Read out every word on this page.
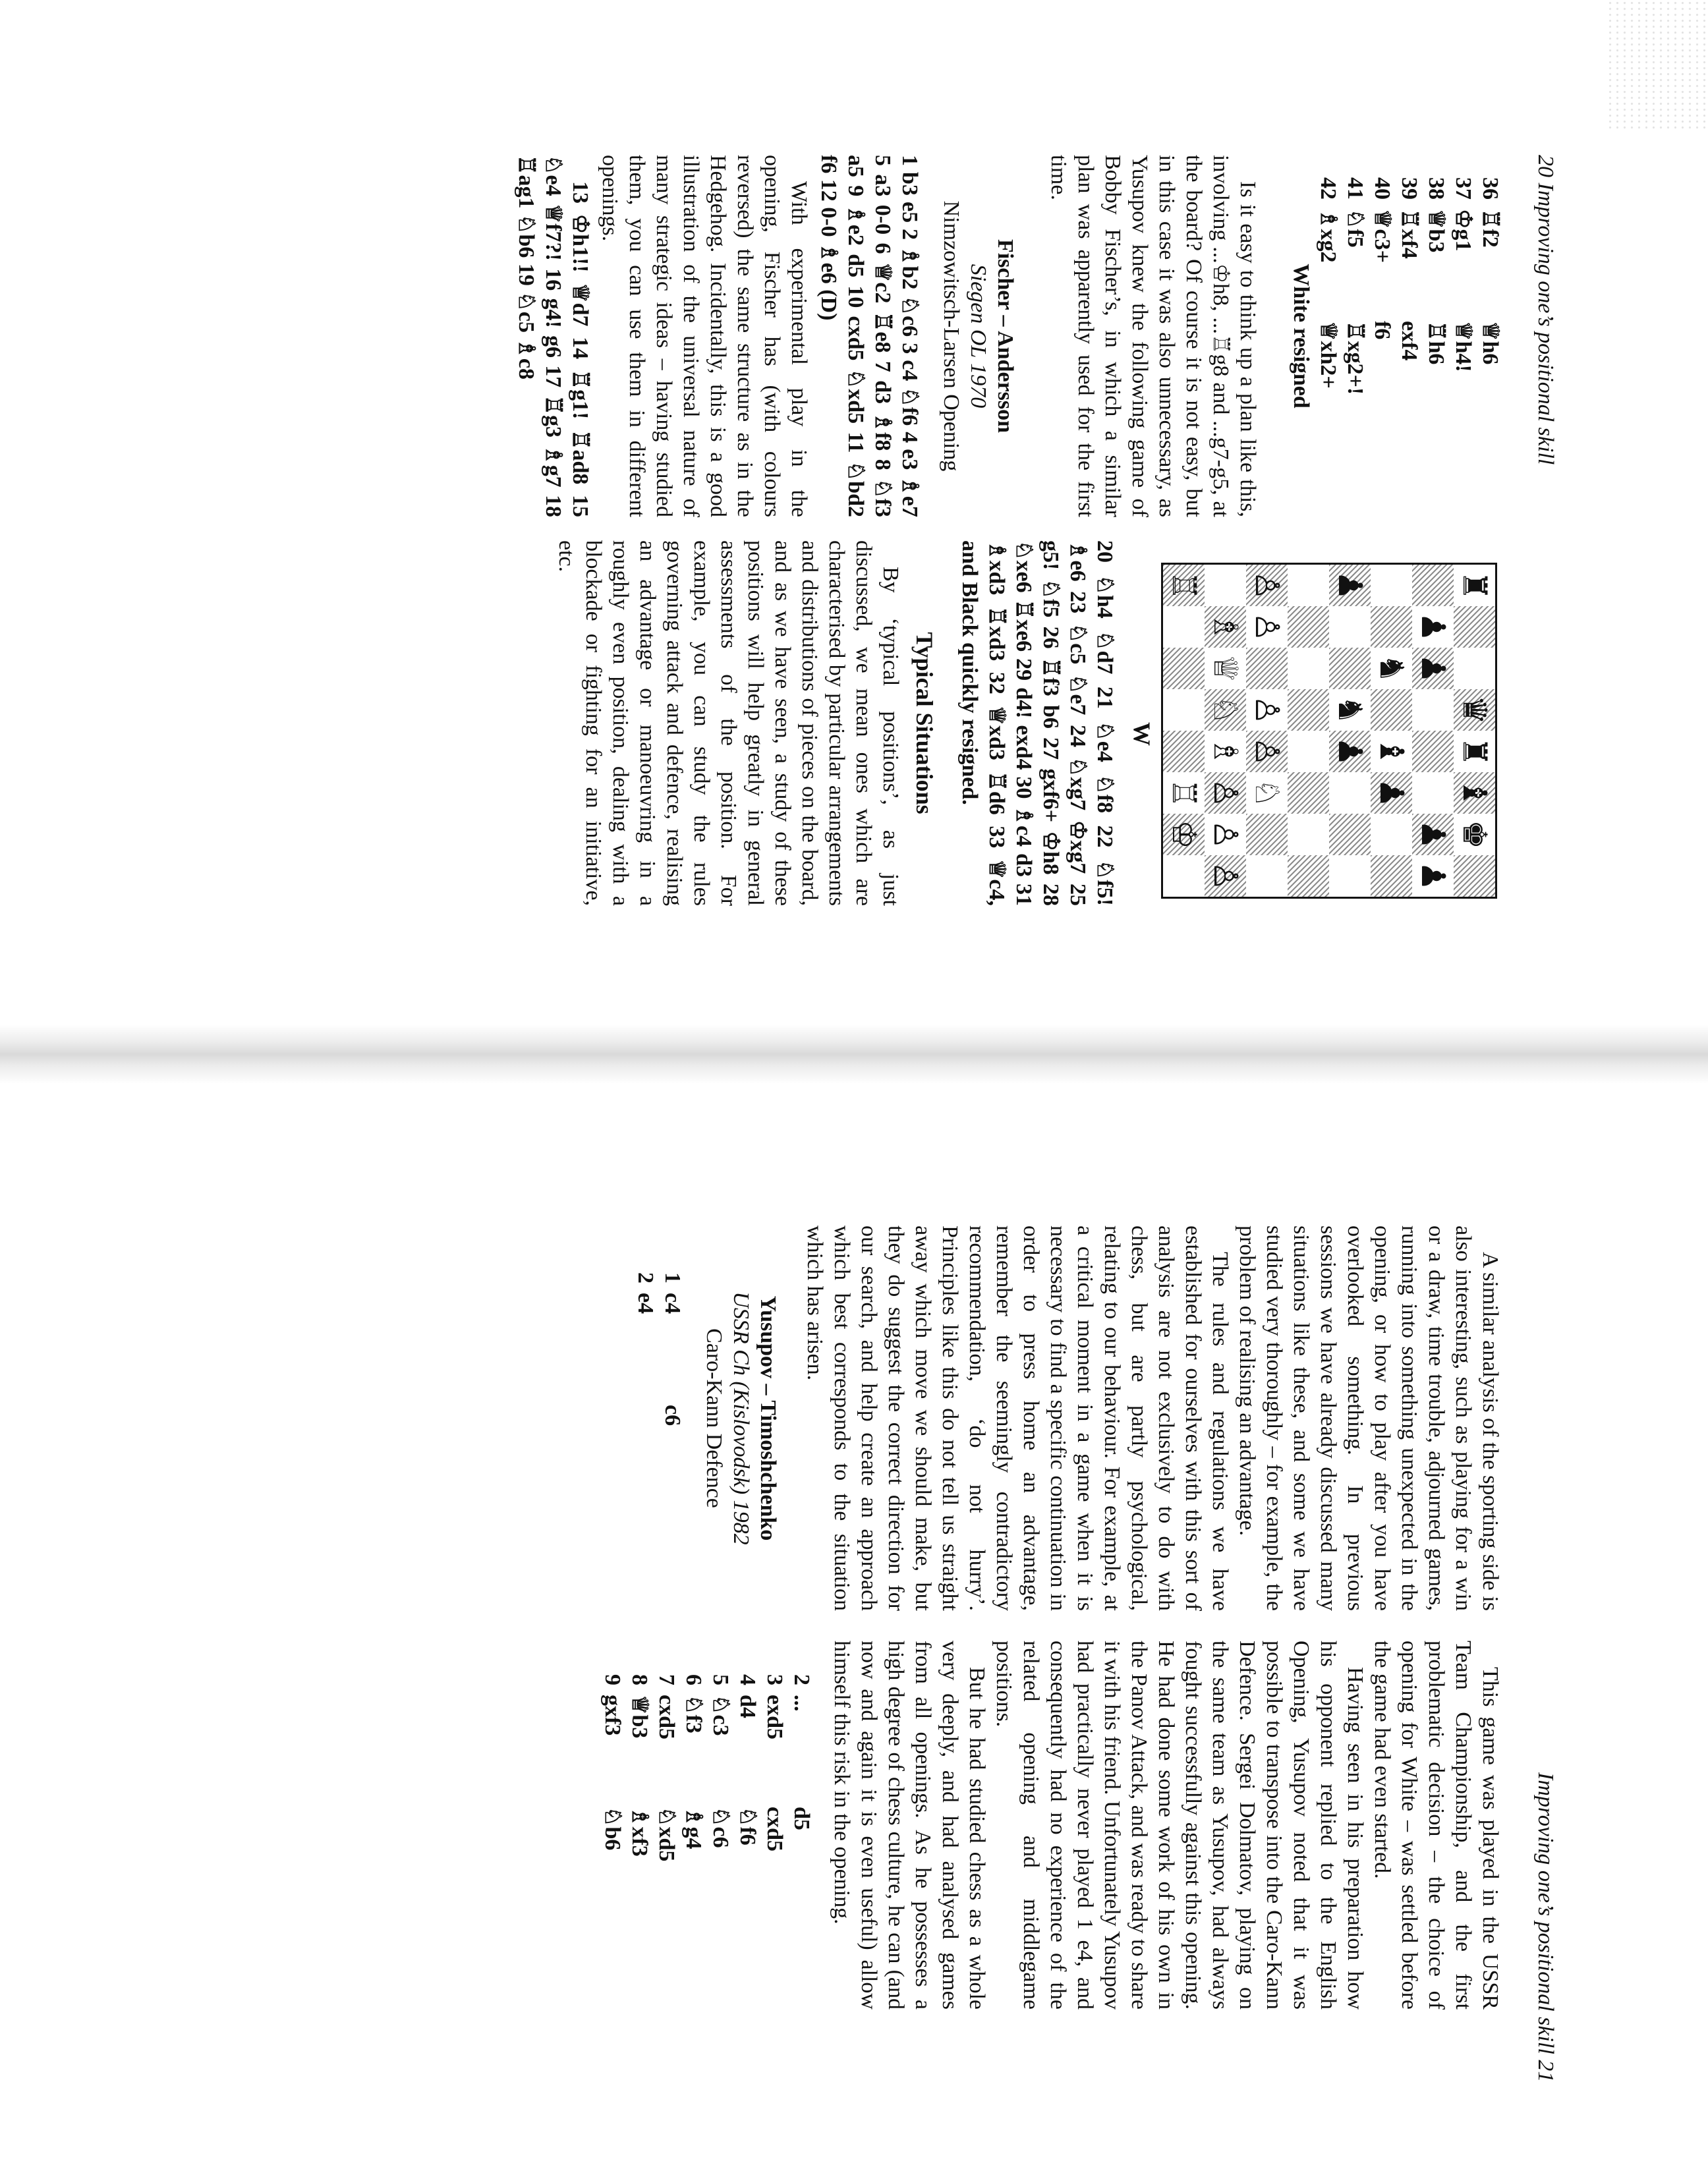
20 Improving one’s positional skill
36
♖f2
♕h6
37
♔g1
♕h4!
38
♕b3
♖h6
39
♖xf4
exf4
40
♕c3+
f6
41
♘f5
♖xg2+!
42
♗xg2
♕xh2+
White resigned

Is it easy to think up a plan like this, involving ...♔h8, ...♖g8 and ...g7-g5, at the board? Of course it is not easy, but in this case it was also unnecessary, as Yusupov knew the following game of Bobby Fischer’s, in which a similar plan was apparently used for the first time.

Fischer – Andersson
Siegen OL 1970
Nimzowitsch-Larsen Opening

1 b3 e5 2 ♗b2 ♘c6 3 c4 ♘f6 4 e3 ♗e7 5 a3 0-0 6 ♕c2 ♖e8 7 d3 ♗f8 8 ♘f3 a5 9 ♗e2 d5 10 cxd5 ♘xd5 11 ♘bd2 f6 12 0-0 ♗e6 (D)

With experimental play in the opening, Fischer has (with colours reversed) the same structure as in the Hedgehog. Incidentally, this is a good illustration of the universal nature of many strategic ideas – having studied them, you can use them in different openings.

13 ♔h1!! ♕d7 14 ♖g1! ♖ad8 15 ♘e4 ♕f7?! 16 g4! g6 17 ♖g3 ♗g7 18 ♖ag1 ♘b6 19 ♘c5 ♗c8

♜
♛
♜
♝
♚
♟
♟
♟
♟
♞
♝
♟
♟
♞
♟
♙
♙
♙
♙
♘
♗
♕
♘
♗
♙
♙
♙
♖
♖
♔
W

20 ♘h4 ♘d7 21 ♘e4 ♘f8 22 ♘f5! ♗e6 23 ♘c5 ♘e7 24 ♘xg7 ♔xg7 25 g5! ♘f5 26 ♖f3 b6 27 gxf6+ ♔h8 28 ♘xe6 ♖xe6 29 d4! exd4 30 ♗c4 d3 31 ♗xd3 ♖xd3 32 ♕xd3 ♖d6 33 ♕c4, and Black quickly resigned.

Typical Situations

By ‘typical positions’, as just discussed, we mean ones which are characterised by particular arrangements and distributions of pieces on the board, and as we have seen, a study of these positions will help greatly in general assessments of the position. For example, you can study the rules governing attack and defence, realising an advantage or manoeuvring in a roughly even position, dealing with a blockade or fighting for an initiative, etc.

Improving one’s positional skill 21

A similar analysis of the sporting side is also interesting, such as playing for a win or a draw, time trouble, adjourned games, running into something unexpected in the opening, or how to play after you have overlooked something. In previous sessions we have already discussed many situations like these, and some we have studied very thoroughly – for example, the problem of realising an advantage.

The rules and regulations we have established for ourselves with this sort of analysis are not exclusively to do with chess, but are partly psychological, relating to our behaviour. For example, at a critical moment in a game when it is necessary to find a specific continuation in order to press home an advantage, remember the seemingly contradictory recommendation, ‘do not hurry’. Principles like this do not tell us straight away which move we should make, but they do suggest the correct direction for our search, and help create an approach which best corresponds to the situation which has arisen.

Yusupov – Timoshchenko
USSR Ch (Kislovodsk) 1982
Caro-Kann Defence
1
c4
c6
2
e4

This game was played in the USSR Team Championship, and the first problematic decision – the choice of opening for White – was settled before the game had even started.

Having seen in his preparation how his opponent replied to the English Opening, Yusupov noted that it was possible to transpose into the Caro-Kann Defence. Sergei Dolmatov, playing on the same team as Yusupov, had always fought successfully against this opening. He had done some work of his own in the Panov Attack, and was ready to share it with his friend. Unfortunately Yusupov had practically never played 1 e4, and consequently had no experience of the related opening and middlegame positions.

But he had studied chess as a whole very deeply, and had analysed games from all openings. As he possesses a high degree of chess culture, he can (and now and again it is even useful) allow himself this risk in the opening.

2
...
d5
3
exd5
cxd5
4
d4
♘f6
5
♘c3
♘c6
6
♘f3
♗g4
7
cxd5
♘xd5
8
♕b3
♗xf3
9
gxf3
♘b6
